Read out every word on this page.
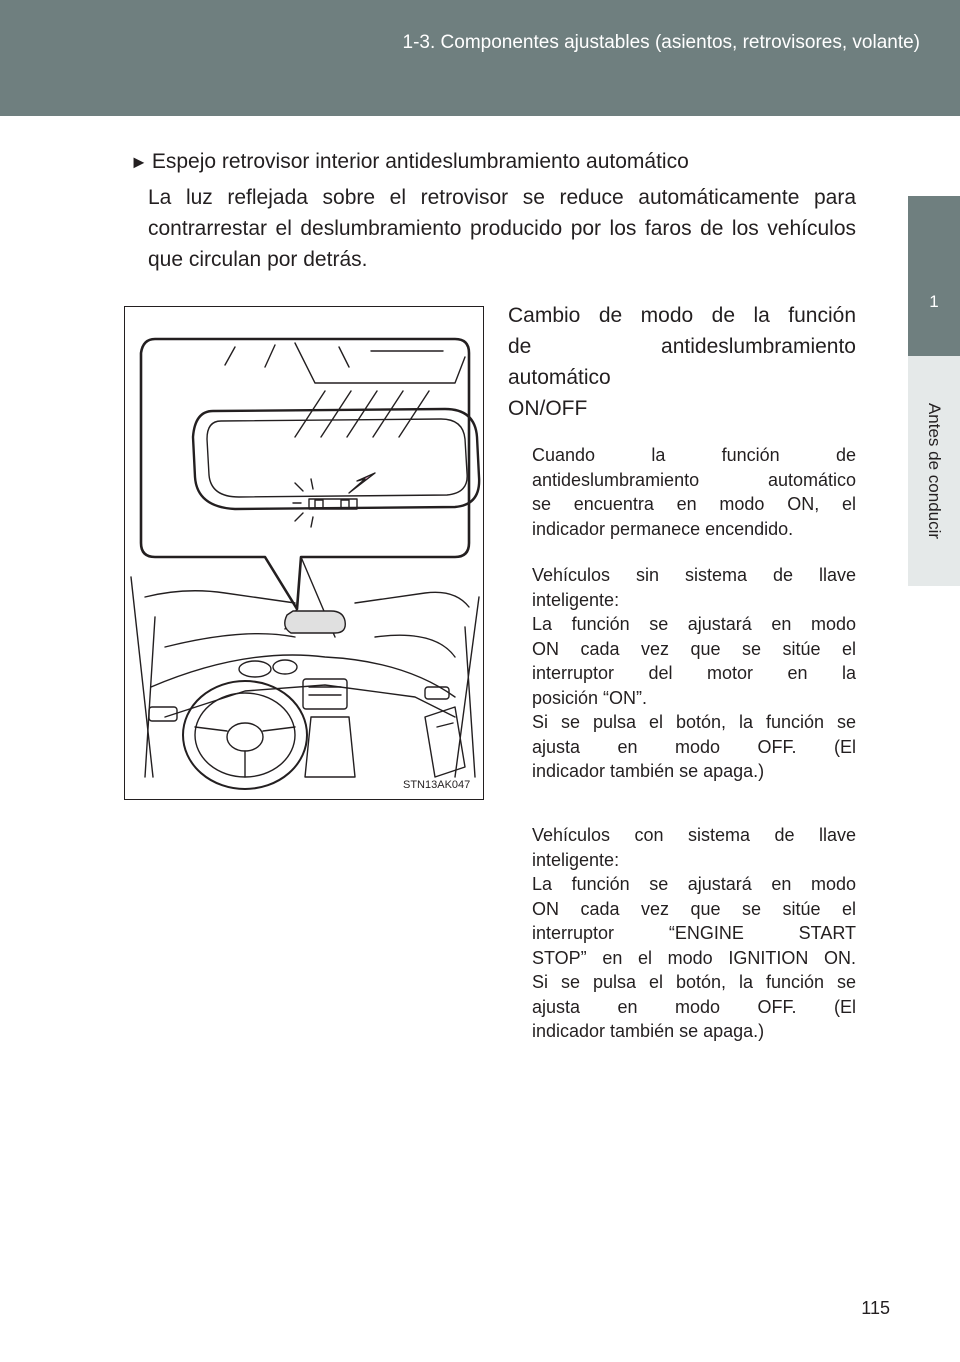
1-3. Componentes ajustables (asientos, retrovisores, volante)
1
Antes de conducir
► Espejo retrovisor interior antideslumbramiento automático
La luz reflejada sobre el retrovisor se reduce automáticamente para contrarrestar el deslumbramiento producido por los faros de los vehículos que circulan por detrás.
STN13AK047
Cambio de modo de la función
de antideslumbramiento
automático
ON/OFF
Cuando la función de
antideslumbramiento automático
se encuentra en modo ON, el
indicador permanece encendido.
Vehículos sin sistema de llave
inteligente:
La función se ajustará en modo
ON cada vez que se sitúe el
interruptor del motor en la
posición “ON”.
Si se pulsa el botón, la función se
ajusta en modo OFF. (El
indicador también se apaga.)
Vehículos con sistema de llave
inteligente:
La función se ajustará en modo
ON cada vez que se sitúe el
interruptor “ENGINE START
STOP” en el modo IGNITION ON.
Si se pulsa el botón, la función se
ajusta en modo OFF. (El
indicador también se apaga.)
115
